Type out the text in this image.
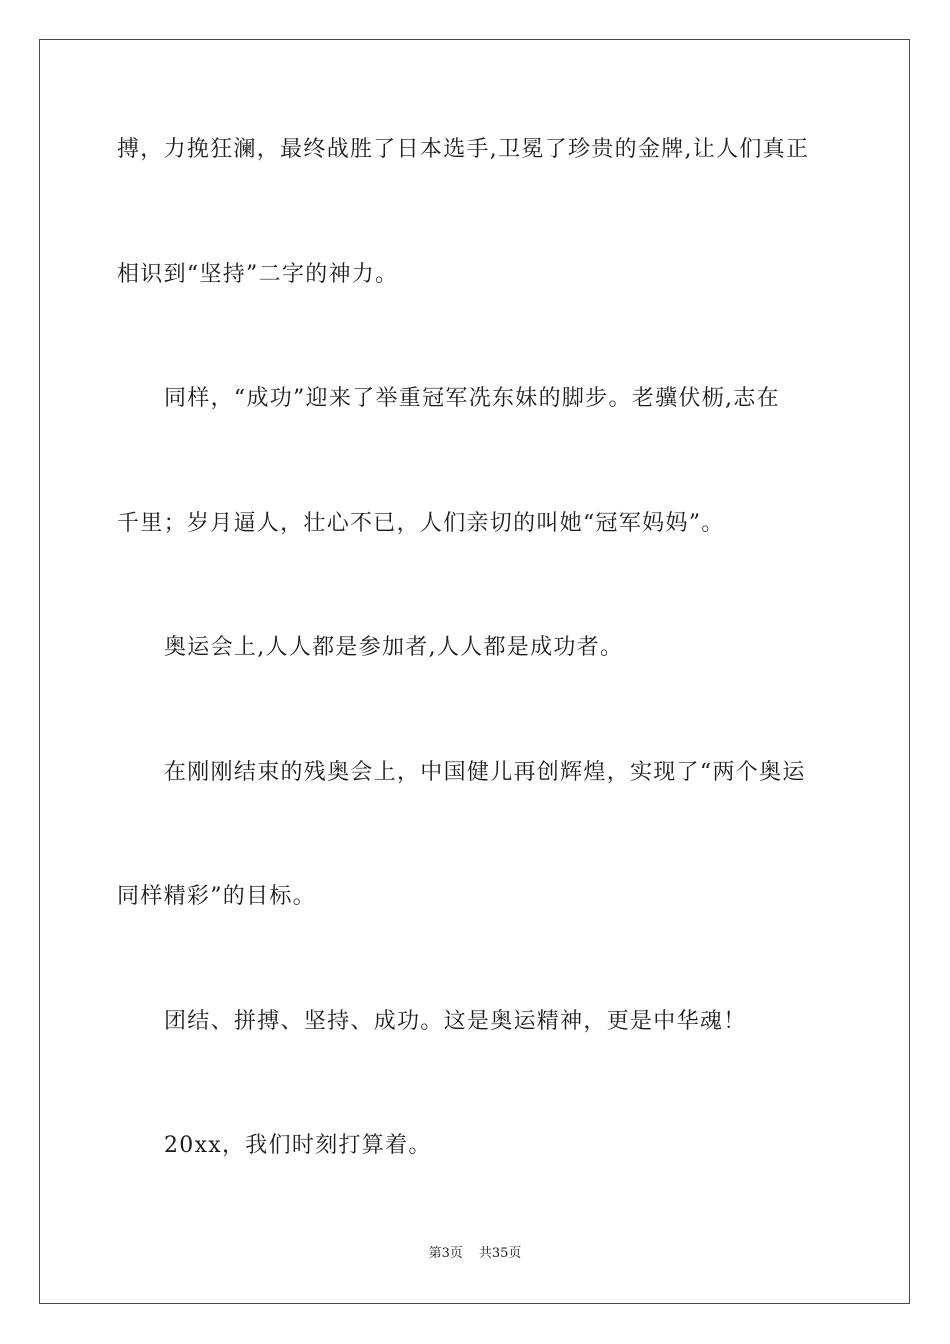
搏，力挽狂澜，最终战胜了日本选手,卫冕了珍贵的金牌,让人们真正
相识到“坚持”二字的神力。
同样，“成功”迎来了举重冠军冼东妹的脚步。老骥伏枥,志在
千里；岁月逼人，壮心不已，人们亲切的叫她“冠军妈妈”。
奥运会上,人人都是参加者,人人都是成功者。
在刚刚结束的残奥会上，中国健儿再创辉煌，实现了“两个奥运
同样精彩”的目标。
团结、拼搏、坚持、成功。这是奥运精神，更是中华魂！
20xx，我们时刻打算着。
第3页 共35页
